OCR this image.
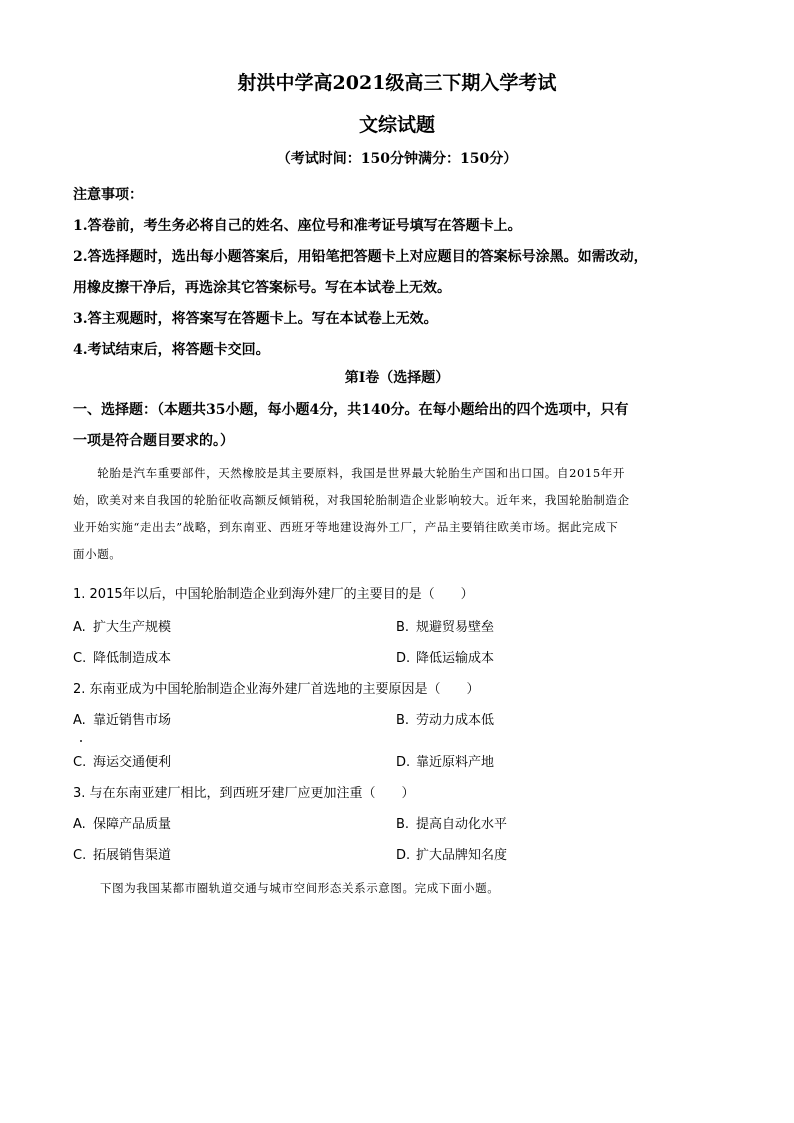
射洪中学高2021级高三下期入学考试
文综试题
（考试时间：150分钟满分：150分）
注意事项：
1.答卷前，考生务必将自己的姓名、座位号和准考证号填写在答题卡上。
2.答选择题时，选出每小题答案后，用铅笔把答题卡上对应题目的答案标号涂黑。如需改动，
用橡皮擦干净后，再选涂其它答案标号。写在本试卷上无效。
3.答主观题时，将答案写在答题卡上。写在本试卷上无效。
4.考试结束后，将答题卡交回。
第I卷（选择题）
一、选择题：（本题共35小题，每小题4分，共140分。在每小题给出的四个选项中，只有
一项是符合题目要求的。）
　　轮胎是汽车重要部件，天然橡胶是其主要原料，我国是世界最大轮胎生产国和出口国。自2015年开
始，欧美对来自我国的轮胎征收高额反倾销税，对我国轮胎制造企业影响较大。近年来，我国轮胎制造企
业开始实施“走出去”战略，到东南亚、西班牙等地建设海外工厂，产品主要销往欧美市场。据此完成下
面小题。
1. 2015年以后，中国轮胎制造企业到海外建厂的主要目的是（　　）
A. 扩大生产规模	B. 规避贸易壁垒
C. 降低制造成本	D. 降低运输成本
2. 东南亚成为中国轮胎制造企业海外建厂首选地的主要原因是（　　）
A. 靠近销售市场	B. 劳动力成本低
C. 海运交通便利	D. 靠近原料产地
3. 与在东南亚建厂相比，到西班牙建厂应更加注重（　　）
A. 保障产品质量	B. 提高自动化水平
C. 拓展销售渠道	D. 扩大品牌知名度
下图为我国某都市圈轨道交通与城市空间形态关系示意图。完成下面小题。
